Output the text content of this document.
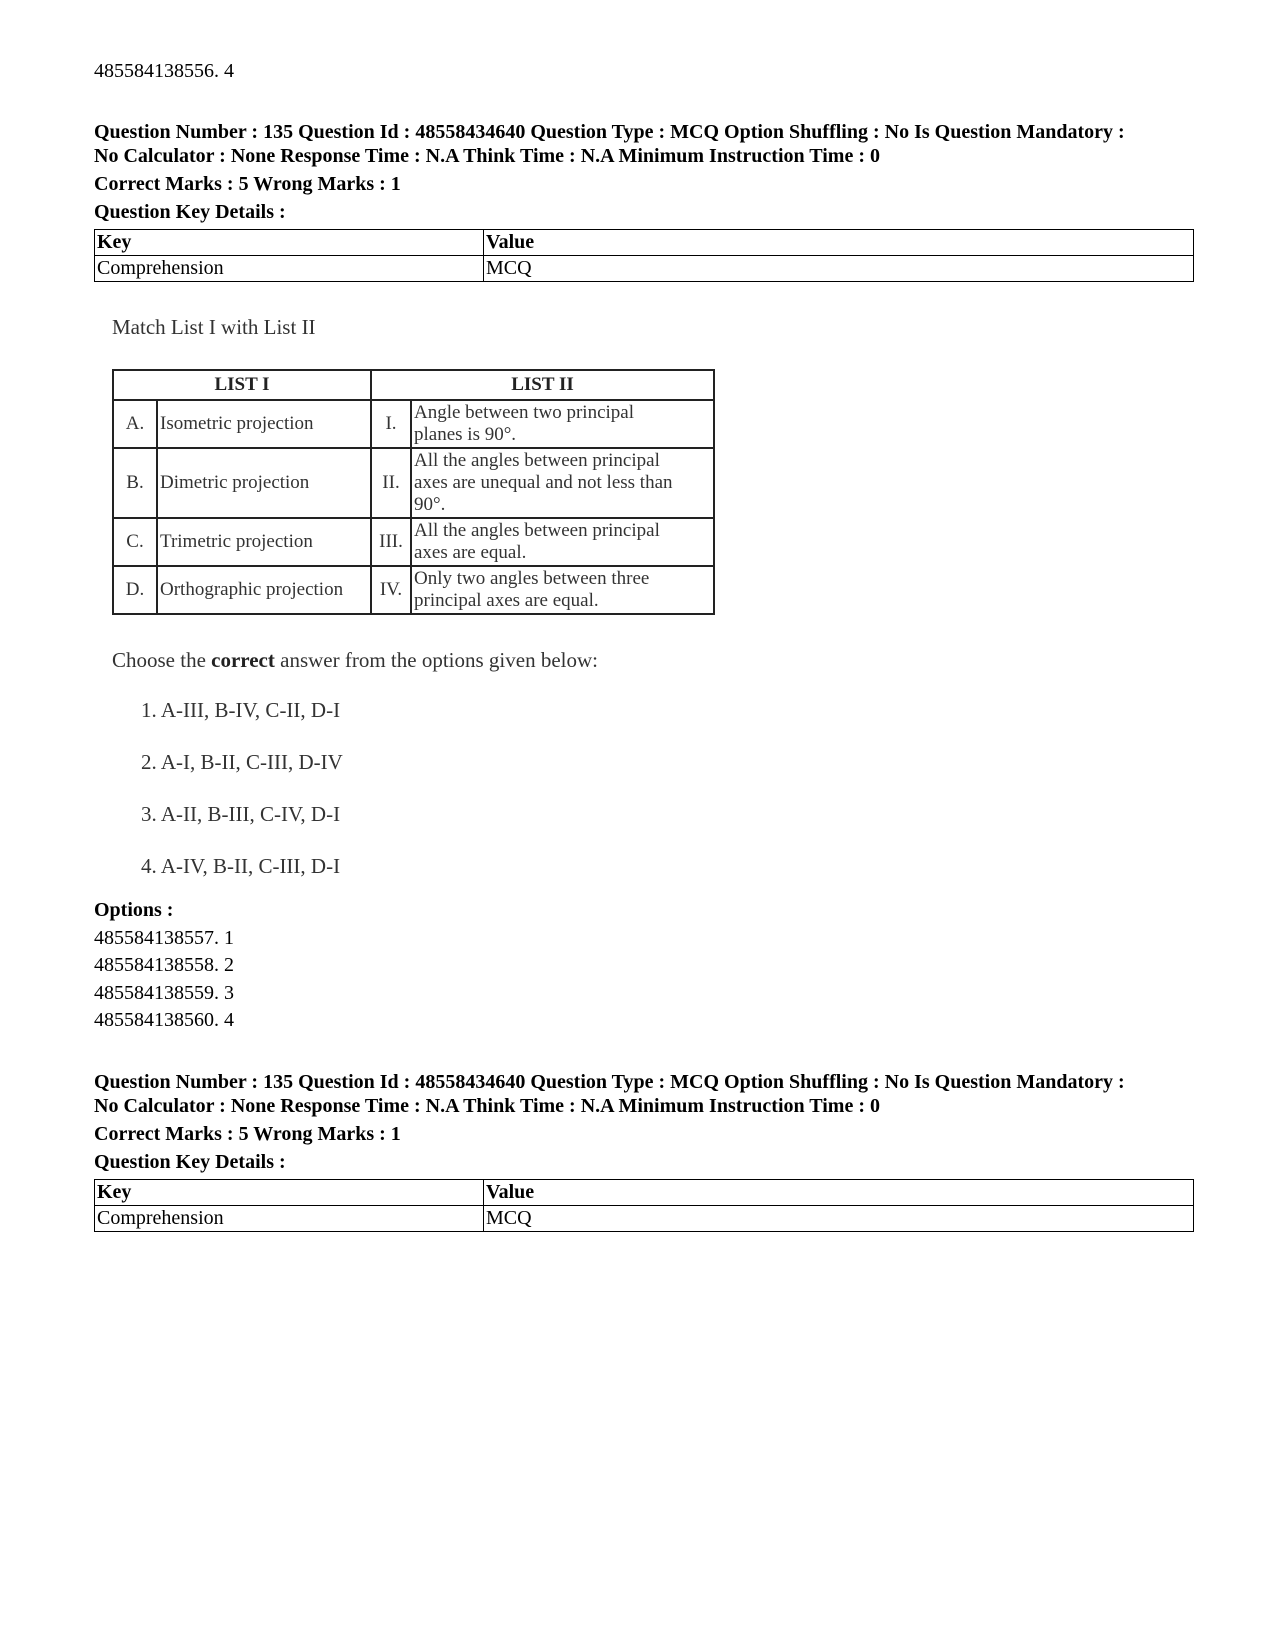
485584138556. 4
Question Number : 135 Question Id : 48558434640 Question Type : MCQ Option Shuffling : No Is Question Mandatory :
No Calculator : None Response Time : N.A Think Time : N.A Minimum Instruction Time : 0
Correct Marks : 5 Wrong Marks : 1
Question Key Details :
Key	Value
Comprehension	MCQ
Match List I with List II
LIST I		LIST II	
A.	Isometric projection	I.	Angle between two principal
planes is 90°.

B.	Dimetric projection	II.	All the angles between principal
axes are unequal and not less than
90°.

C.	Trimetric projection	III.	All the angles between principal
axes are equal.

D.	Orthographic projection	IV.	Only two angles between three
principal axes are equal.
Choose the correct answer from the options given below:
1. A-III, B-IV, C-II, D-I
2. A-I, B-II, C-III, D-IV
3. A-II, B-III, C-IV, D-I
4. A-IV, B-II, C-III, D-I
Options :
485584138557. 1
485584138558. 2
485584138559. 3
485584138560. 4
Question Number : 135 Question Id : 48558434640 Question Type : MCQ Option Shuffling : No Is Question Mandatory :
No Calculator : None Response Time : N.A Think Time : N.A Minimum Instruction Time : 0
Correct Marks : 5 Wrong Marks : 1
Question Key Details :
Key	Value
Comprehension	MCQ
